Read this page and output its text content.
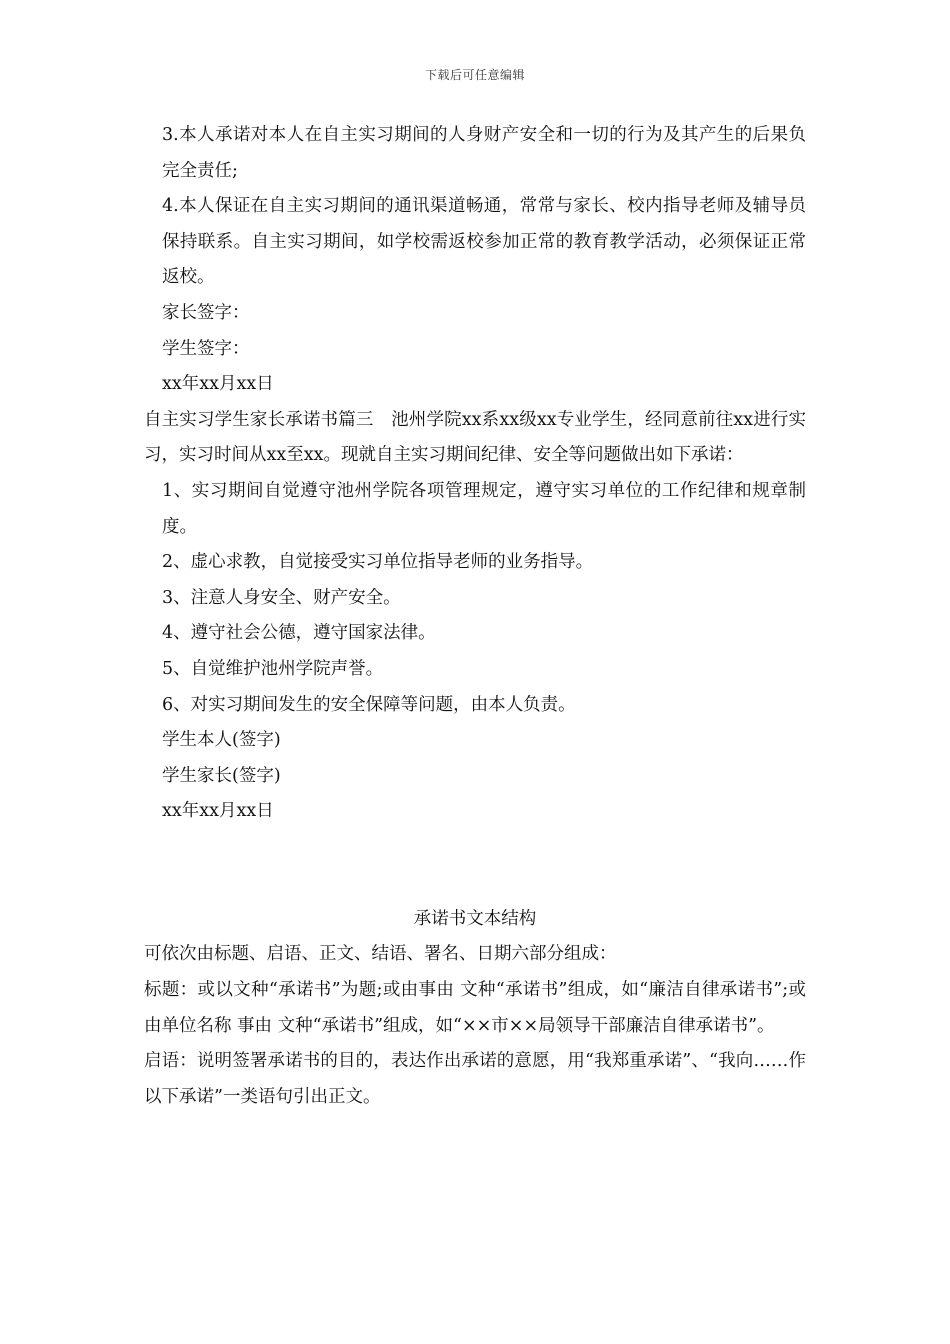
下载后可任意编辑

3.本人承诺对本人在自主实习期间的人身财产安全和一切的行为及其产生的后果负完全责任;

4.本人保证在自主实习期间的通讯渠道畅通，常常与家长、校内指导老师及辅导员保持联系。自主实习期间，如学校需返校参加正常的教育教学活动，必须保证正常返校。

家长签字：

学生签字：

xx年xx月xx日

自主实习学生家长承诺书篇三　池州学院xx系xx级xx专业学生，经同意前往xx进行实习，实习时间从xx至xx。现就自主实习期间纪律、安全等问题做出如下承诺：

1、实习期间自觉遵守池州学院各项管理规定，遵守实习单位的工作纪律和规章制度。

2、虚心求教，自觉接受实习单位指导老师的业务指导。

3、注意人身安全、财产安全。

4、遵守社会公德，遵守国家法律。

5、自觉维护池州学院声誉。

6、对实习期间发生的安全保障等问题，由本人负责。

学生本人(签字)

学生家长(签字)

xx年xx月xx日

承诺书文本结构

可依次由标题、启语、正文、结语、署名、日期六部分组成：

标题：或以文种“承诺书”为题;或由事由 文种“承诺书”组成，如“廉洁自律承诺书”;或由单位名称 事由 文种“承诺书”组成，如“××市××局领导干部廉洁自律承诺书”。

启语：说明签署承诺书的目的，表达作出承诺的意愿，用“我郑重承诺”、“我向……作以下承诺”一类语句引出正文。
